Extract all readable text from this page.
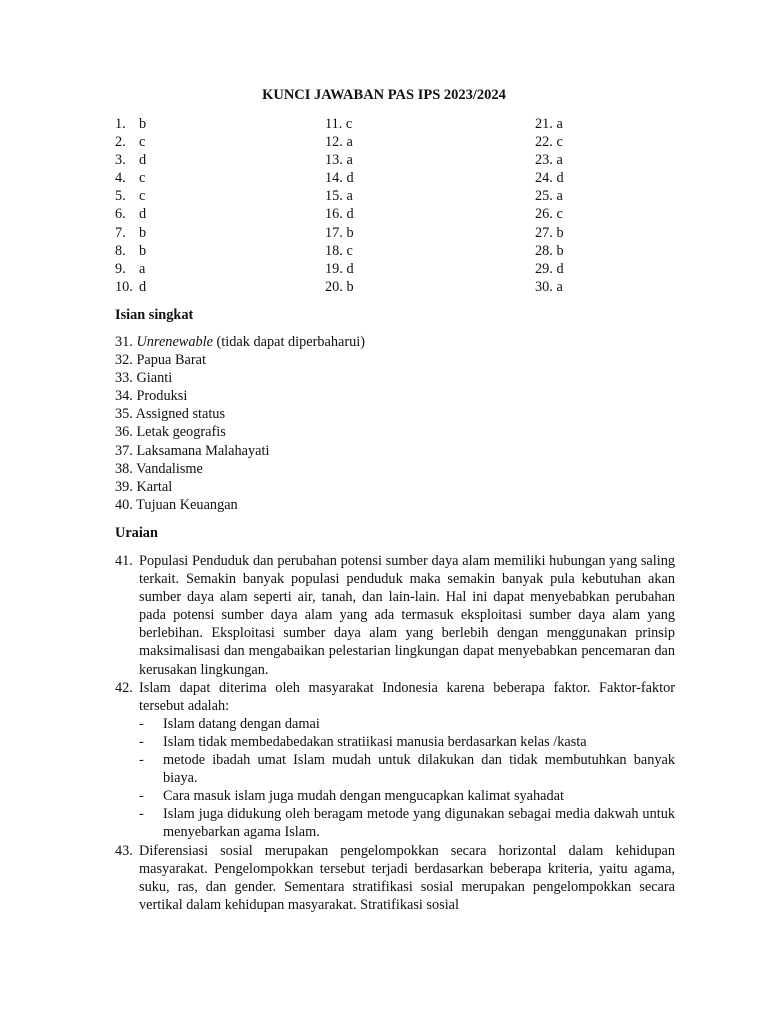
KUNCI JAWABAN PAS IPS 2023/2024
1. b
2. c
3. d
4. c
5. c
6. d
7. b
8. b
9. a
10. d
11. c
12. a
13. a
14. d
15. a
16. d
17. b
18. c
19. d
20. b
21. a
22. c
23. a
24. d
25. a
26. c
27. b
28. b
29. d
30. a
Isian singkat
31. Unrenewable (tidak dapat diperbaharui)
32. Papua Barat
33. Gianti
34. Produksi
35. Assigned status
36. Letak geografis
37. Laksamana Malahayati
38. Vandalisme
39. Kartal
40. Tujuan Keuangan
Uraian
41. Populasi Penduduk dan perubahan potensi sumber daya alam memiliki hubungan yang saling terkait. Semakin banyak populasi penduduk maka semakin banyak pula kebutuhan akan sumber daya alam seperti air, tanah, dan lain-lain. Hal ini dapat menyebabkan perubahan pada potensi sumber daya alam yang ada termasuk eksploitasi sumber daya alam yang berlebihan. Eksploitasi sumber daya alam yang berlebih dengan menggunakan prinsip maksimalisasi dan mengabaikan pelestarian lingkungan dapat menyebabkan pencemaran dan kerusakan lingkungan.
42. Islam dapat diterima oleh masyarakat Indonesia karena beberapa faktor. Faktor-faktor tersebut adalah:
- Islam datang dengan damai
- Islam tidak membedabedakan stratiikasi manusia berdasarkan kelas /kasta
- metode ibadah umat Islam mudah untuk dilakukan dan tidak membutuhkan banyak biaya.
- Cara masuk islam juga mudah dengan mengucapkan kalimat syahadat
- Islam juga didukung oleh beragam metode yang digunakan sebagai media dakwah untuk menyebarkan agama Islam.
43. Diferensiasi sosial merupakan pengelompokkan secara horizontal dalam kehidupan masyarakat. Pengelompokkan tersebut terjadi berdasarkan beberapa kriteria, yaitu agama, suku, ras, dan gender. Sementara stratifikasi sosial merupakan pengelompokkan secara vertikal dalam kehidupan masyarakat. Stratifikasi sosial
